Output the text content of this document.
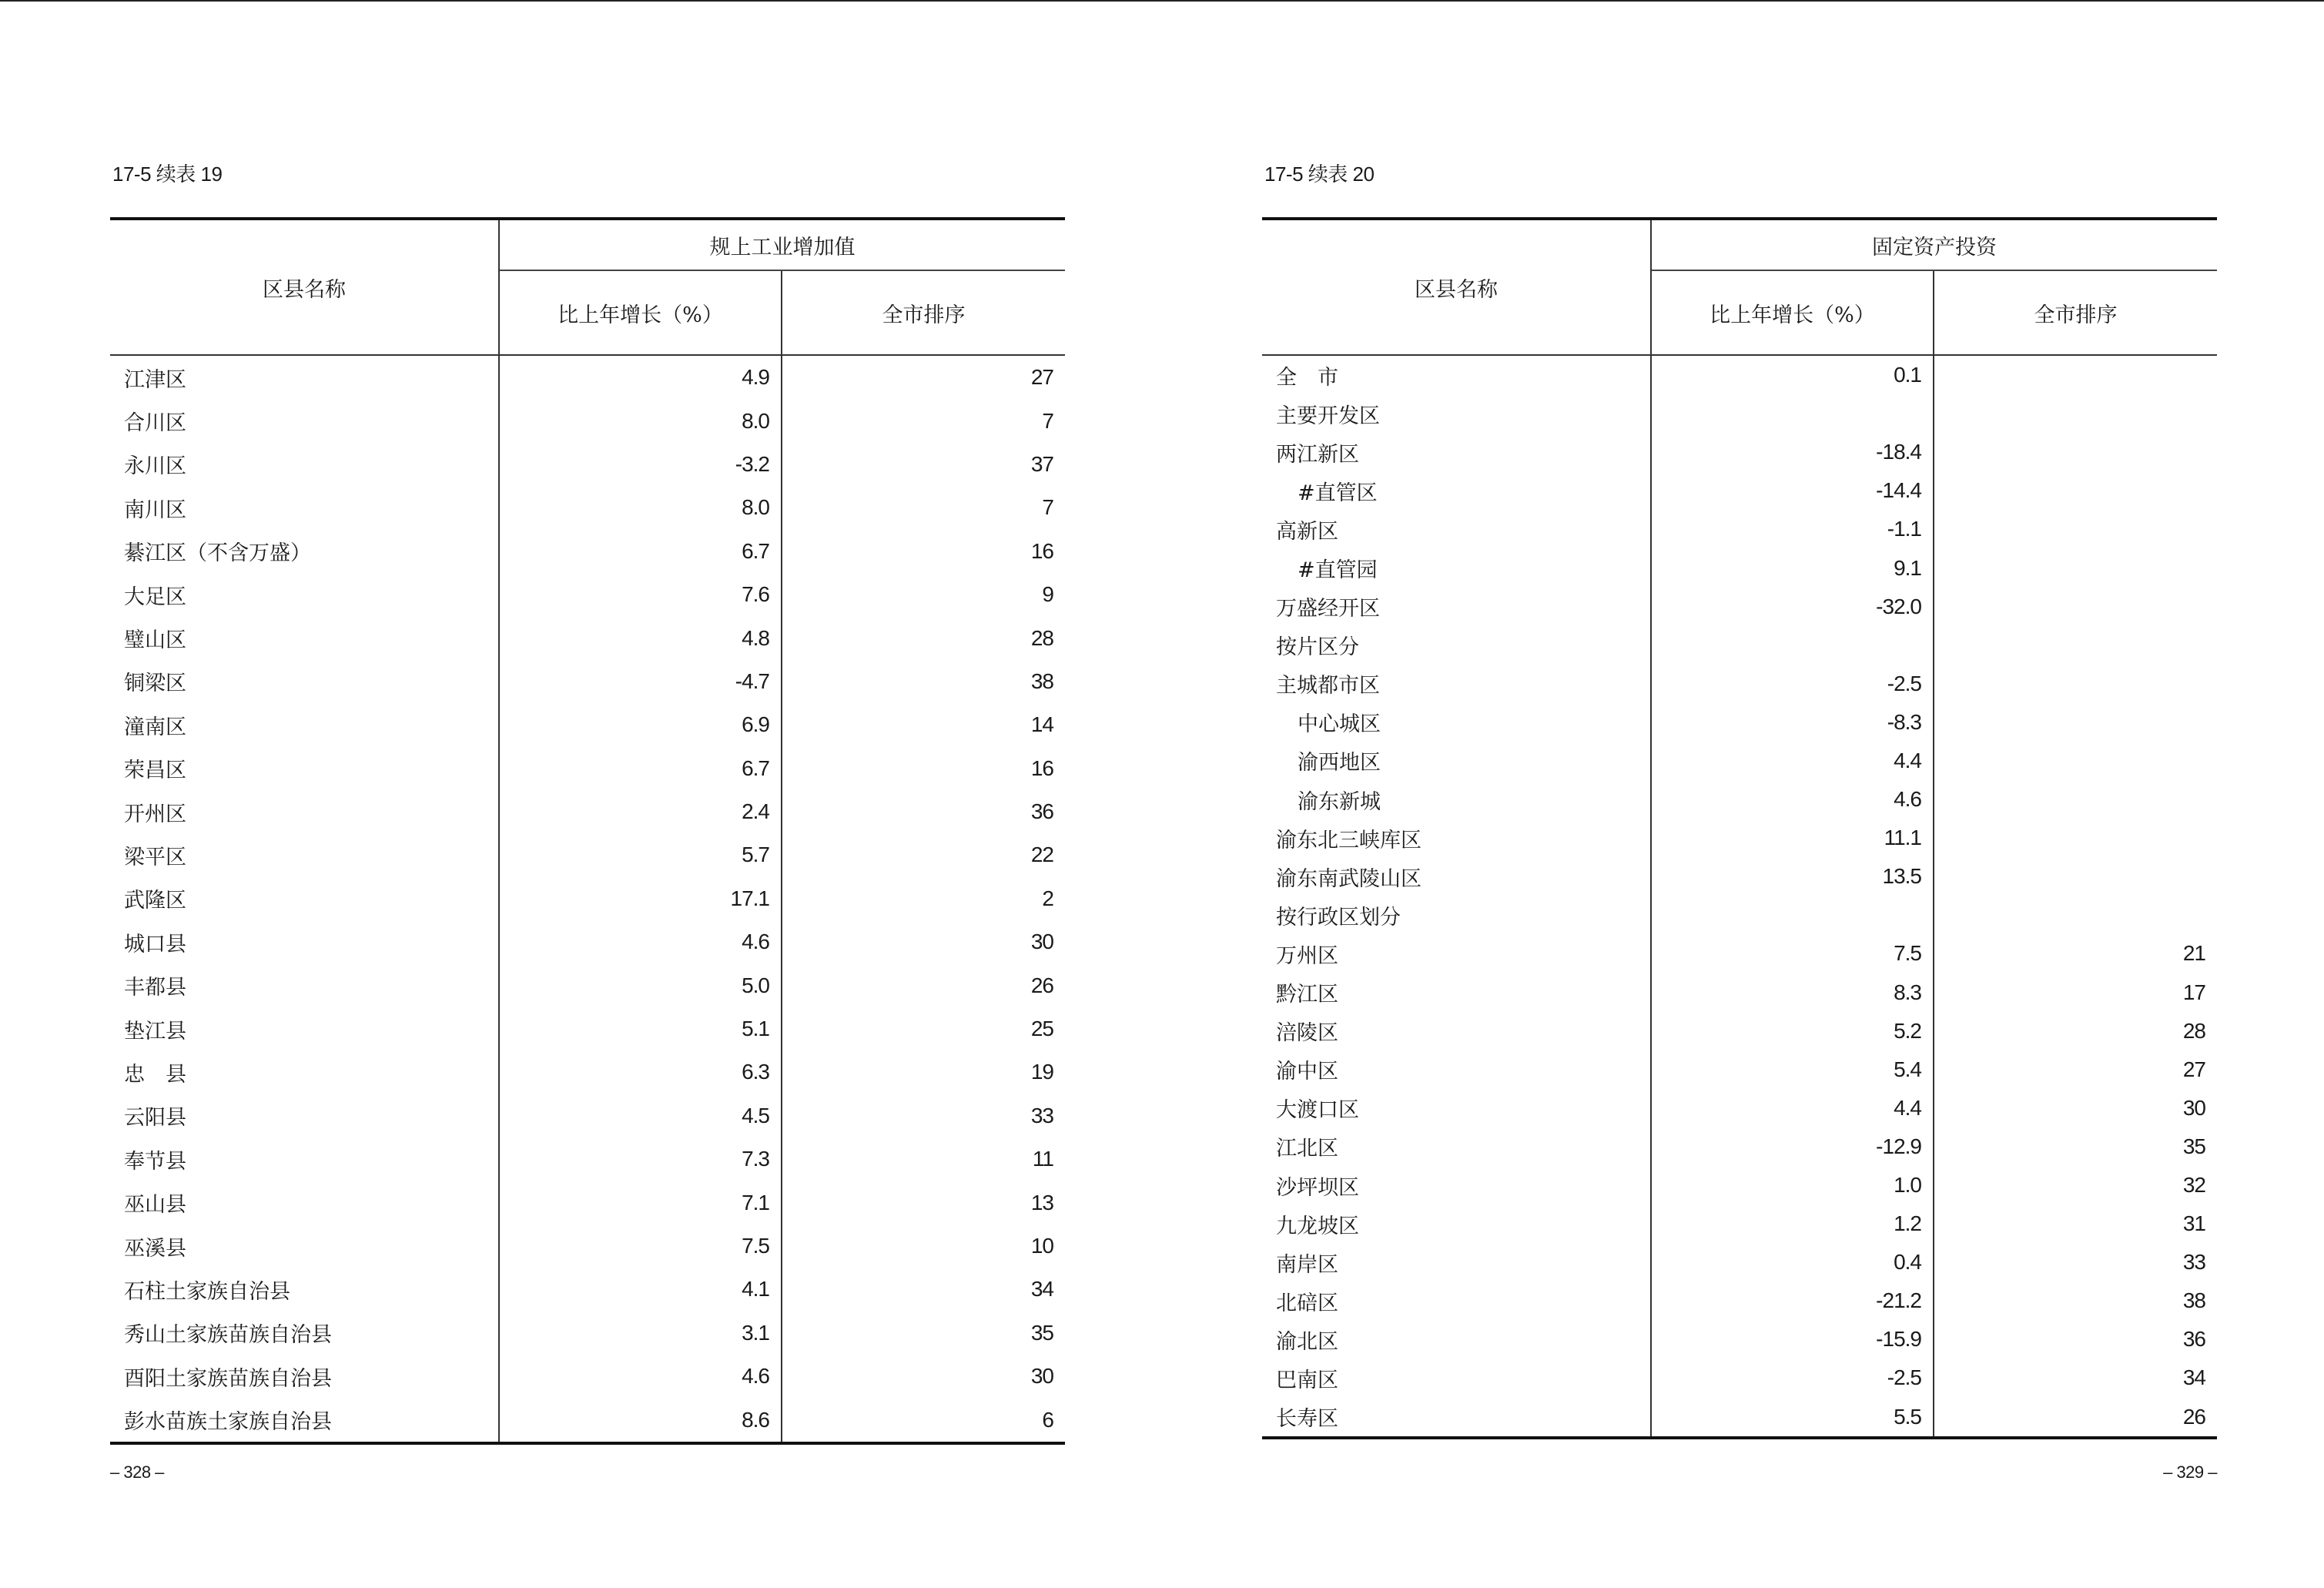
17-5 续表 19
区县名称	规上工业增加值	
	比上年增长（%）	全市排序
江津区	4.9	27
合川区	8.0	7
永川区	-3.2	37
南川区	8.0	7
綦江区（不含万盛）	6.7	16
大足区	7.6	9
璧山区	4.8	28
铜梁区	-4.7	38
潼南区	6.9	14
荣昌区	6.7	16
开州区	2.4	36
梁平区	5.7	22
武隆区	17.1	2
城口县	4.6	30
丰都县	5.0	26
垫江县	5.1	25
忠　县	6.3	19
云阳县	4.5	33
奉节县	7.3	11
巫山县	7.1	13
巫溪县	7.5	10
石柱土家族自治县	4.1	34
秀山土家族苗族自治县	3.1	35
酉阳土家族苗族自治县	4.6	30
彭水苗族土家族自治县	8.6	6
– 328 –
17-5 续表 20
区县名称	固定资产投资	
	比上年增长（%）	全市排序
全　市	0.1	
主要开发区		
两江新区	-18.4	
#直管区	-14.4	
高新区	-1.1	
#直管园	9.1	
万盛经开区	-32.0	
按片区分		
主城都市区	-2.5	
中心城区	-8.3	
渝西地区	4.4	
渝东新城	4.6	
渝东北三峡库区	11.1	
渝东南武陵山区	13.5	
按行政区划分		
万州区	7.5	21
黔江区	8.3	17
涪陵区	5.2	28
渝中区	5.4	27
大渡口区	4.4	30
江北区	-12.9	35
沙坪坝区	1.0	32
九龙坡区	1.2	31
南岸区	0.4	33
北碚区	-21.2	38
渝北区	-15.9	36
巴南区	-2.5	34
长寿区	5.5	26
– 329 –
